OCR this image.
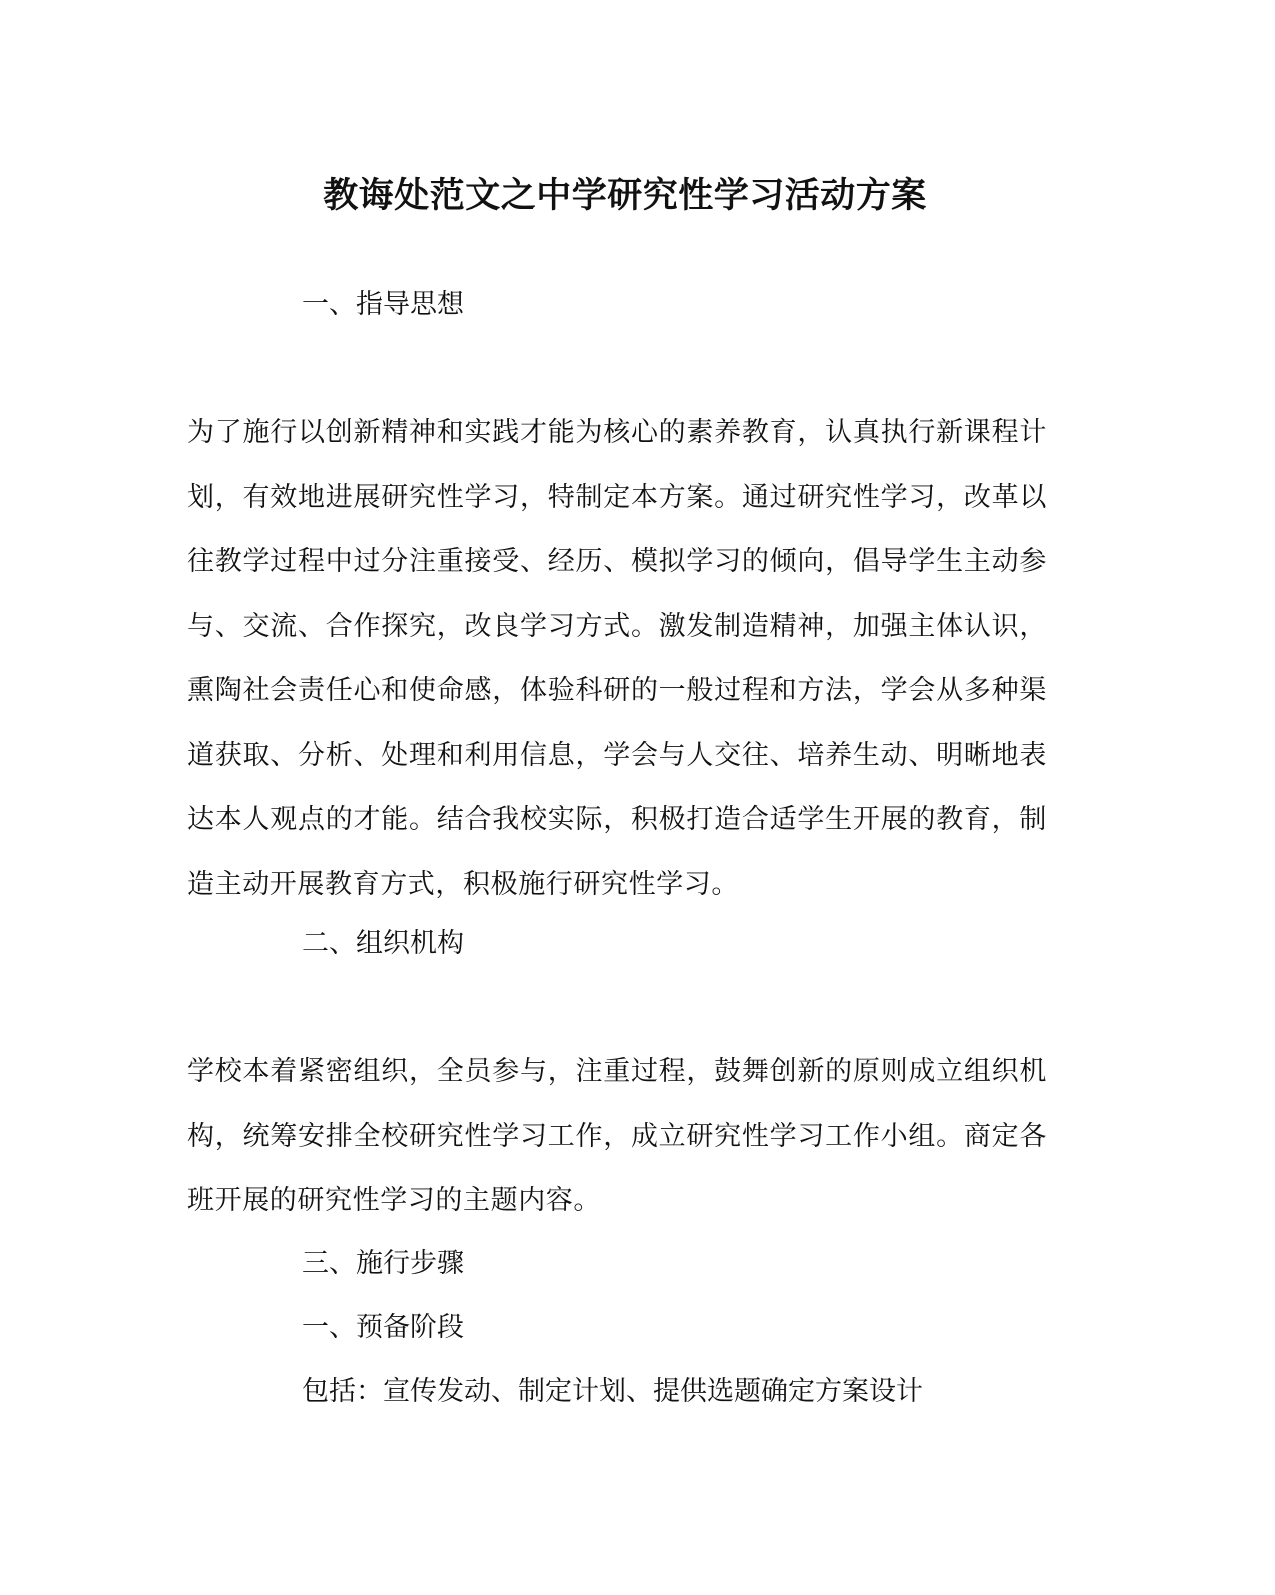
教诲处范文之中学研究性学习活动方案
一、指导思想
为了施行以创新精神和实践才能为核心的素养教育，认真执行新课程计划，有效地进展研究性学习，特制定本方案。通过研究性学习，改革以往教学过程中过分注重接受、经历、模拟学习的倾向，倡导学生主动参与、交流、合作探究，改良学习方式。激发制造精神，加强主体认识，熏陶社会责任心和使命感，体验科研的一般过程和方法，学会从多种渠道获取、分析、处理和利用信息，学会与人交往、培养生动、明晰地表达本人观点的才能。结合我校实际，积极打造合适学生开展的教育，制造主动开展教育方式，积极施行研究性学习。
二、组织机构
学校本着紧密组织，全员参与，注重过程，鼓舞创新的原则成立组织机构，统筹安排全校研究性学习工作，成立研究性学习工作小组。商定各班开展的研究性学习的主题内容。
三、施行步骤
一、预备阶段
包括：宣传发动、制定计划、提供选题确定方案设计
